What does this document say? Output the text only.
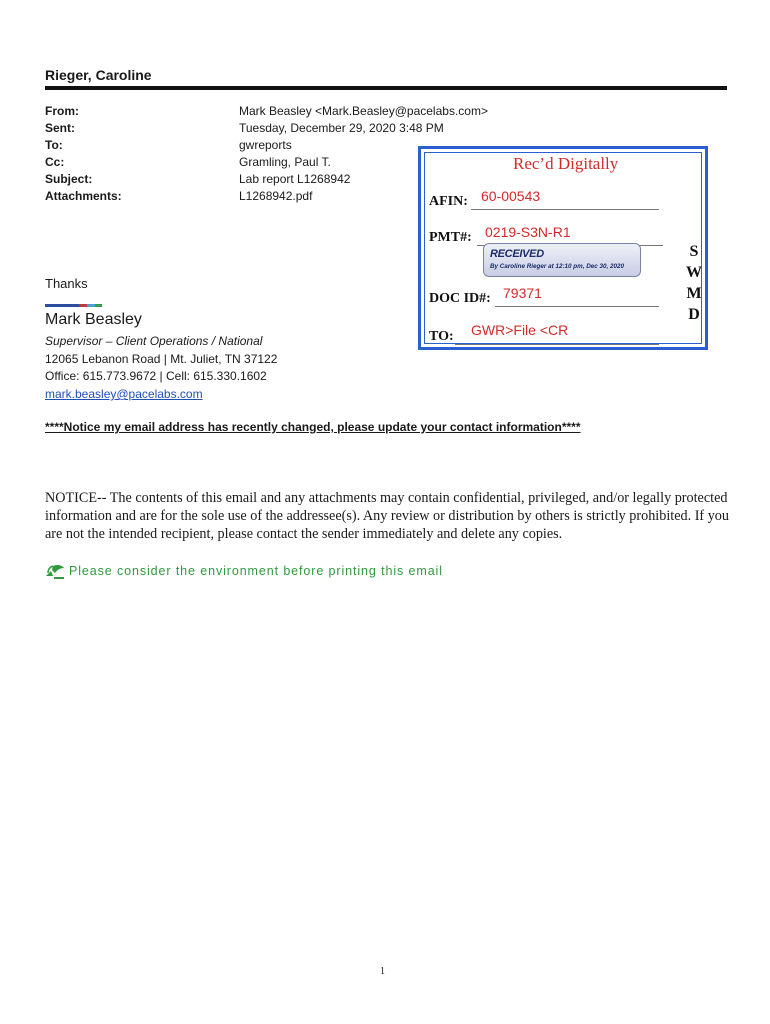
Rieger, Caroline
From:	Mark Beasley <Mark.Beasley@pacelabs.com>
Sent:	Tuesday, December 29, 2020 3:48 PM
To:	gwreports
Cc:	Gramling, Paul T.
Subject:	Lab report L1268942
Attachments:	L1268942.pdf
Rec’d Digitally
AFIN: 60-00543
PMT#: 0219-S3N-R1
RECEIVED
By Caroline Rieger at 12:10 pm, Dec 30, 2020
DOC ID#: 79371
TO: GWR>File <CR
S
W
M
D
Thanks
Mark Beasley
Supervisor – Client Operations / National
12065 Lebanon Road | Mt. Juliet, TN 37122
Office: 615.773.9672 | Cell: 615.330.1602
mark.beasley@pacelabs.com
****Notice my email address has recently changed, please update your contact information****
NOTICE-- The contents of this email and any attachments may contain confidential, privileged, and/or legally protected information and are for the sole use of the addressee(s). Any review or distribution by others is strictly prohibited. If you are not the intended recipient, please contact the sender immediately and delete any copies.
Please consider the environment before printing this email
1
